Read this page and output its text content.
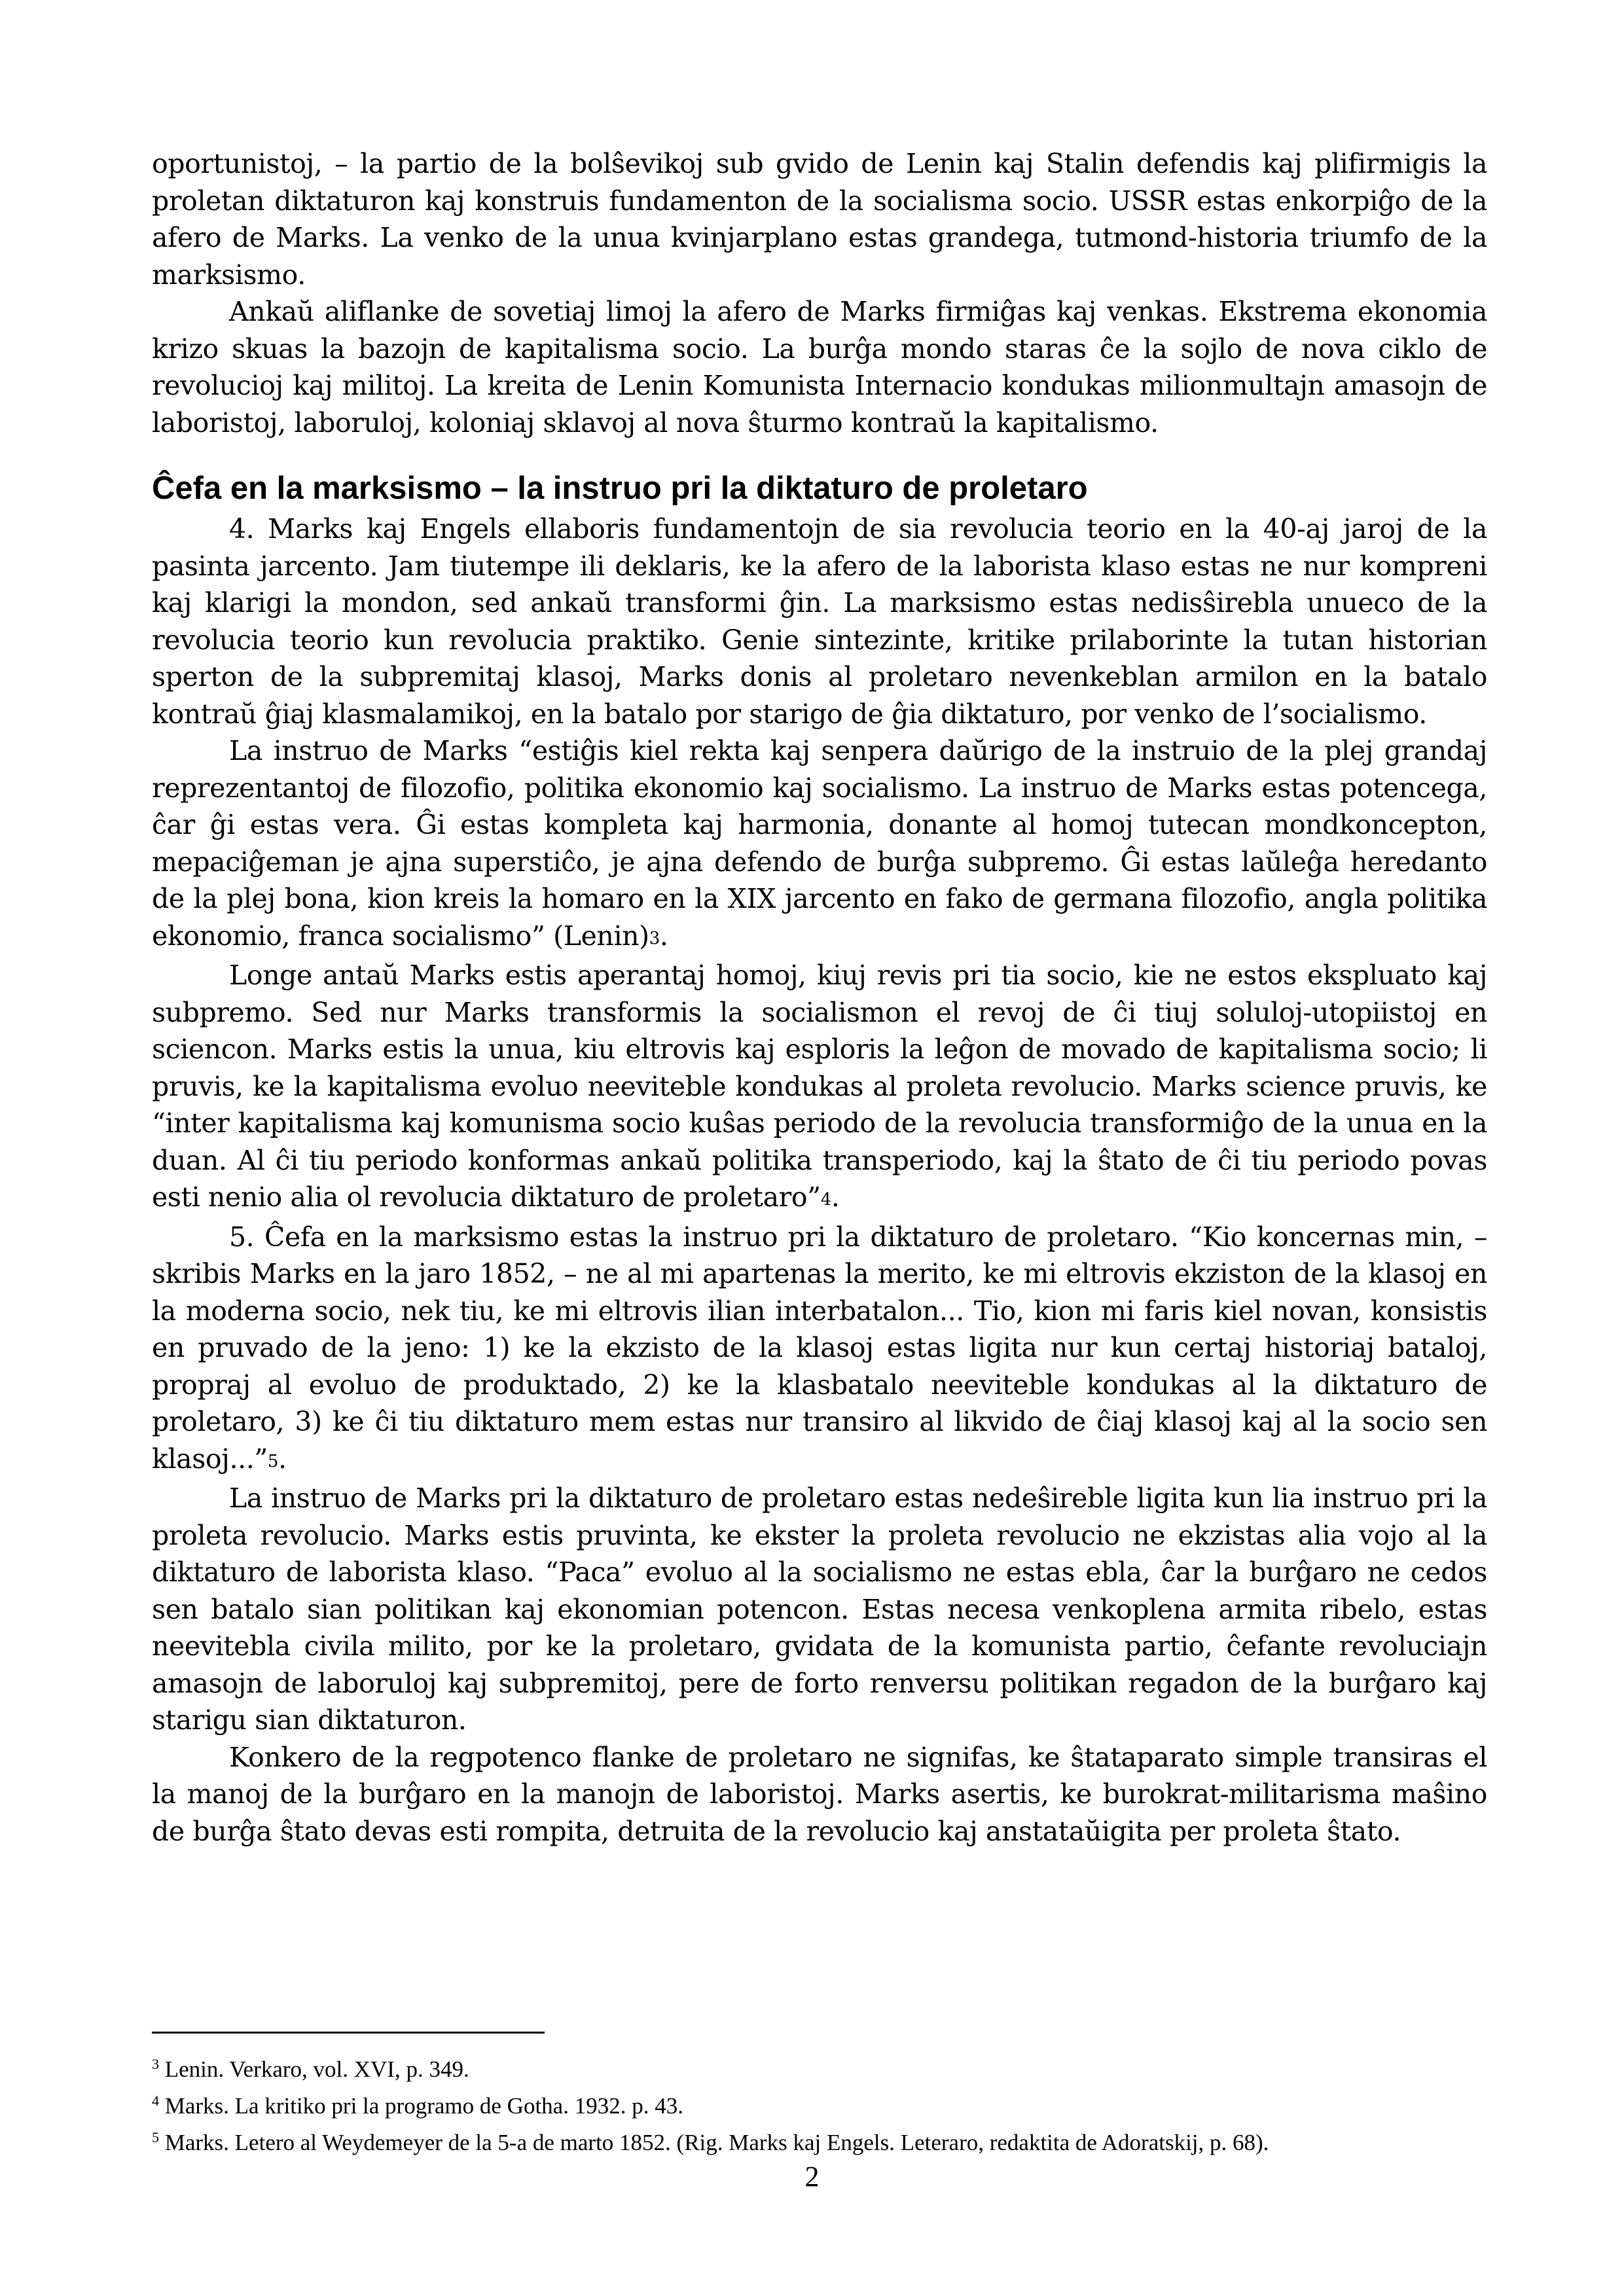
oportunistoj, – la partio de la bolŝevikoj sub gvido de Lenin kaj Stalin defendis kaj plifirmigis la proletan diktaturon kaj konstruis fundamenton de la socialisma socio. USSR estas enkorpiĝo de la afero de Marks. La venko de la unua kvinjarplano estas grandega, tutmond-historia triumfo de la marksismo.

Ankaŭ aliflanke de sovetiaj limoj la afero de Marks firmiĝas kaj venkas. Ekstrema ekonomia krizo skuas la bazojn de kapitalisma socio. La burĝa mondo staras ĉe la sojlo de nova ciklo de revolucioj kaj militoj. La kreita de Lenin Komunista Internacio kondukas milionmultajn amasojn de laboristoj, laboruloj, koloniaj sklavoj al nova ŝturmo kontraŭ la kapitalismo.

Ĉefa en la marksismo – la instruo pri la diktaturo de proletaro

4. Marks kaj Engels ellaboris fundamentojn de sia revolucia teorio en la 40-aj jaroj de la pasinta jarcento. Jam tiutempe ili deklaris, ke la afero de la laborista klaso estas ne nur kompreni kaj klarigi la mondon, sed ankaŭ transformi ĝin. La marksismo estas nedisŝirebla unueco de la revolucia teorio kun revolucia praktiko. Genie sintezinte, kritike prilaborinte la tutan historian sperton de la subpremitaj klasoj, Marks donis al proletaro nevenkeblan armilon en la batalo kontraŭ ĝiaj klasmalamikoj, en la batalo por starigo de ĝia diktaturo, por venko de l’socialismo.

La instruo de Marks “estiĝis kiel rekta kaj senpera daŭrigo de la instruio de la plej grandaj reprezentantoj de filozofio, politika ekonomio kaj socialismo. La instruo de Marks estas potencega, ĉar ĝi estas vera. Ĝi estas kompleta kaj harmonia, donante al homoj tutecan mondkoncepton, mepaciĝeman je ajna superstiĉo, je ajna defendo de burĝa subpremo. Ĝi estas laŭleĝa heredanto de la plej bona, kion kreis la homaro en la XIX jarcento en fako de germana filozofio, angla politika ekonomio, franca socialismo” (Lenin)3.

Longe antaŭ Marks estis aperantaj homoj, kiuj revis pri tia socio, kie ne estos ekspluato kaj subpremo. Sed nur Marks transformis la socialismon el revoj de ĉi tiuj soluloj-utopiistoj en sciencon. Marks estis la unua, kiu eltrovis kaj esploris la leĝon de movado de kapitalisma socio; li pruvis, ke la kapitalisma evoluo neeviteble kondukas al proleta revolucio. Marks science pruvis, ke “inter kapitalisma kaj komunisma socio kuŝas periodo de la revolucia transformiĝo de la unua en la duan. Al ĉi tiu periodo konformas ankaŭ politika transperiodo, kaj la ŝtato de ĉi tiu periodo povas esti nenio alia ol revolucia diktaturo de proletaro”4.

5. Ĉefa en la marksismo estas la instruo pri la diktaturo de proletaro. “Kio koncernas min, – skribis Marks en la jaro 1852, – ne al mi apartenas la merito, ke mi eltrovis ekziston de la klasoj en la moderna socio, nek tiu, ke mi eltrovis ilian interbatalon... Tio, kion mi faris kiel novan, konsistis en pruvado de la jeno: 1) ke la ekzisto de la klasoj estas ligita nur kun certaj historiaj bataloj, propraj al evoluo de produktado, 2) ke la klasbatalo neeviteble kondukas al la diktaturo de proletaro, 3) ke ĉi tiu diktaturo mem estas nur transiro al likvido de ĉiaj klasoj kaj al la socio sen klasoj...”5.

La instruo de Marks pri la diktaturo de proletaro estas nedeŝireble ligita kun lia instruo pri la proleta revolucio. Marks estis pruvinta, ke ekster la proleta revolucio ne ekzistas alia vojo al la diktaturo de laborista klaso. “Paca” evoluo al la socialismo ne estas ebla, ĉar la burĝaro ne cedos sen batalo sian politikan kaj ekonomian potencon. Estas necesa venkoplena armita ribelo, estas neevitebla civila milito, por ke la proletaro, gvidata de la komunista partio, ĉefante revoluciajn amasojn de laboruloj kaj subpremitoj, pere de forto renversu politikan regadon de la burĝaro kaj starigu sian diktaturon.

Konkero de la regpotenco flanke de proletaro ne signifas, ke ŝtataparato simple transiras el la manoj de la burĝaro en la manojn de laboristoj. Marks asertis, ke burokrat-militarisma maŝino de burĝa ŝtato devas esti rompita, detruita de la revolucio kaj anstataŭigita per proleta ŝtato.

$^3$ Lenin. Verkaro, vol. XVI, p. 349.

$^4$ Marks. La kritiko pri la programo de Gotha. 1932. p. 43.

$^5$ Marks. Letero al Weydemeyer de la 5-a de marto 1852. (Rig. Marks kaj Engels. Leteraro, redaktita de Adoratskij, p. 68).

2
